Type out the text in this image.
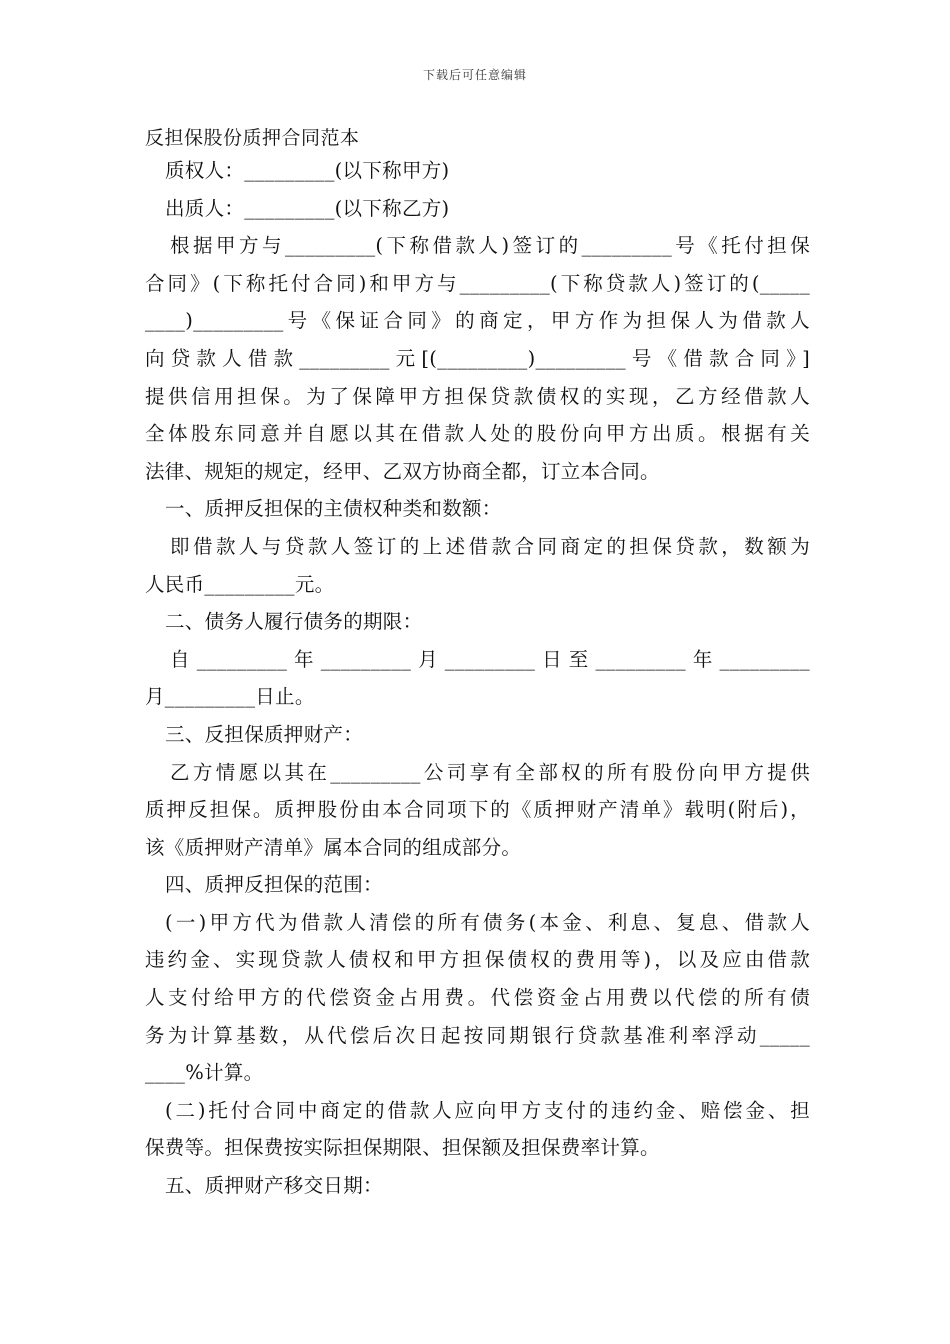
下载后可任意编辑
反担保股份质押合同范本
质权人：_________(以下称甲方)
出质人：_________(以下称乙方)
根据甲方与_________(下称借款人)签订的_________号《托付担保
合同》(下称托付合同)和甲方与_________(下称贷款人)签订的(_____
____)_________号《保证合同》的商定，甲方作为担保人为借款人
向贷款人借款_________元[(_________)_________号《借款合同》]
提供信用担保。为了保障甲方担保贷款债权的实现，乙方经借款人
全体股东同意并自愿以其在借款人处的股份向甲方出质。根据有关
法律、规矩的规定，经甲、乙双方协商全都，订立本合同。
一、质押反担保的主债权种类和数额：
即借款人与贷款人签订的上述借款合同商定的担保贷款，数额为
人民币_________元。
二、债务人履行债务的期限：
自_________年_________月_________日至_________年_________
月_________日止。
三、反担保质押财产：
乙方情愿以其在_________公司享有全部权的所有股份向甲方提供
质押反担保。质押股份由本合同项下的《质押财产清单》载明(附后)，
该《质押财产清单》属本合同的组成部分。
四、质押反担保的范围：
(一)甲方代为借款人清偿的所有债务(本金、利息、复息、借款人
违约金、实现贷款人债权和甲方担保债权的费用等)，以及应由借款
人支付给甲方的代偿资金占用费。代偿资金占用费以代偿的所有债
务为计算基数，从代偿后次日起按同期银行贷款基准利率浮动_____
____%计算。
(二)托付合同中商定的借款人应向甲方支付的违约金、赔偿金、担
保费等。担保费按实际担保期限、担保额及担保费率计算。
五、质押财产移交日期：
